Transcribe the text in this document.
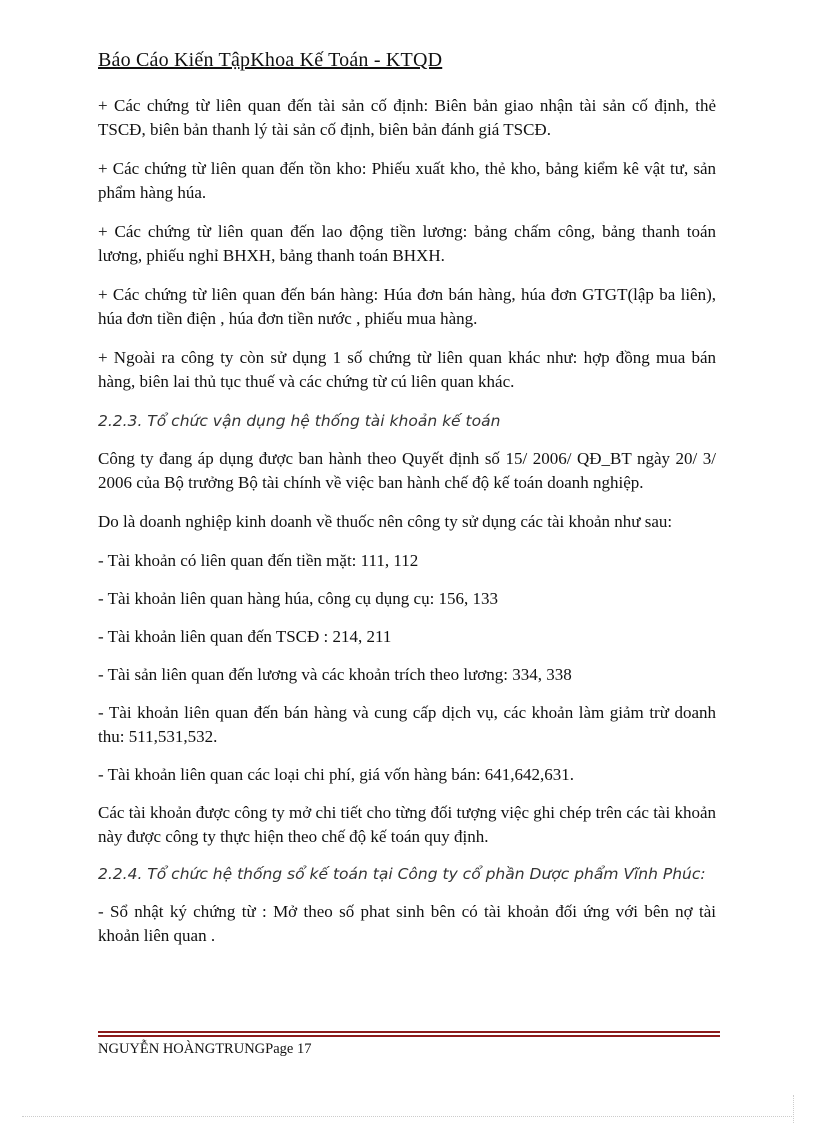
Báo Cáo Kiến TậpKhoa Kế Toán - KTQD

+ Các chứng từ liên quan đến tài sản cố định: Biên bản giao nhận tài sản cố định, thẻ TSCĐ, biên bản thanh lý tài sản cố định, biên bản đánh giá TSCĐ.

+ Các chứng từ liên quan đến tồn kho: Phiếu xuất kho, thẻ kho, bảng kiểm kê vật tư, sản phẩm hàng húa.

+ Các chứng từ liên quan đến lao động tiền lương: bảng chấm công, bảng thanh toán lương, phiếu nghỉ BHXH, bảng thanh toán BHXH.

+ Các chứng từ liên quan đến bán hàng: Húa đơn bán hàng, húa đơn GTGT(lập ba liên), húa đơn tiền điện , húa đơn tiền nước , phiếu mua hàng.

+ Ngoài ra công ty còn sử dụng 1 số chứng từ liên quan khác như: hợp đồng mua bán hàng, biên lai thủ tục thuế và các chứng từ cú liên quan khác.

2.2.3. Tổ chức vận dụng hệ thống tài khoản kế toán

Công ty đang áp dụng được ban hành theo Quyết định số 15/ 2006/ QĐ_BT ngày 20/ 3/ 2006 của Bộ trưởng Bộ tài chính về việc ban hành chế độ kế toán doanh nghiệp.

Do là doanh nghiệp kinh doanh về thuốc nên công ty sử dụng các tài khoản như sau:

- Tài khoản có liên quan đến tiền mặt: 111, 112

- Tài khoản liên quan hàng húa, công cụ dụng cụ: 156, 133

- Tài khoản liên quan đến TSCĐ : 214, 211

- Tài sản liên quan đến lương và các khoản trích theo lương: 334, 338

- Tài khoản liên quan đến bán hàng và cung cấp dịch vụ, các khoản làm giảm trừ doanh thu: 511,531,532.

- Tài khoản liên quan các loại chi phí, giá vốn hàng bán: 641,642,631.

Các tài khoản được công ty mở chi tiết cho từng đối tượng việc ghi chép trên các tài khoản này được công ty thực hiện theo chế độ kế toán quy định.

2.2.4. Tổ chức hệ thống sổ kế toán tại Công ty cổ phần Dược phẩm Vĩnh Phúc:

- Sổ nhật ký chứng từ : Mở theo số phat sinh bên có tài khoản đối ứng với bên nợ tài khoản liên quan .

NGUYỄN HOÀNGTRUNGPage 17
